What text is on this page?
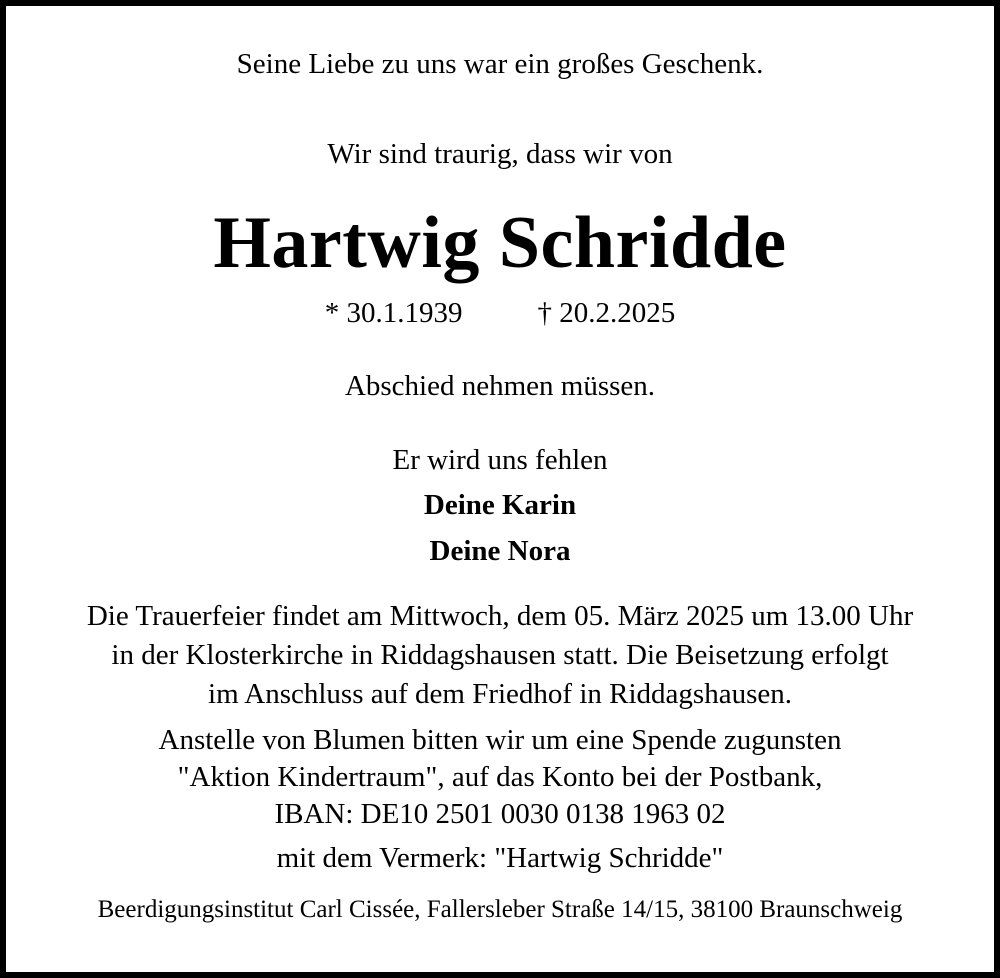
Seine Liebe zu uns war ein großes Geschenk.
Wir sind traurig, dass wir von
Hartwig Schridde
* 30.1.1939	† 20.2.2025
Abschied nehmen müssen.
Er wird uns fehlen
Deine Karin
Deine Nora
Die Trauerfeier findet am Mittwoch, dem 05. März 2025 um 13.00 Uhr
in der Klosterkirche in Riddagshausen statt. Die Beisetzung erfolgt
im Anschluss auf dem Friedhof in Riddagshausen.
Anstelle von Blumen bitten wir um eine Spende zugunsten
"Aktion Kindertraum", auf das Konto bei der Postbank,
IBAN: DE10 2501 0030 0138 1963 02
mit dem Vermerk: "Hartwig Schridde"
Beerdigungsinstitut Carl Cissée, Fallersleber Straße 14/15, 38100 Braunschweig
